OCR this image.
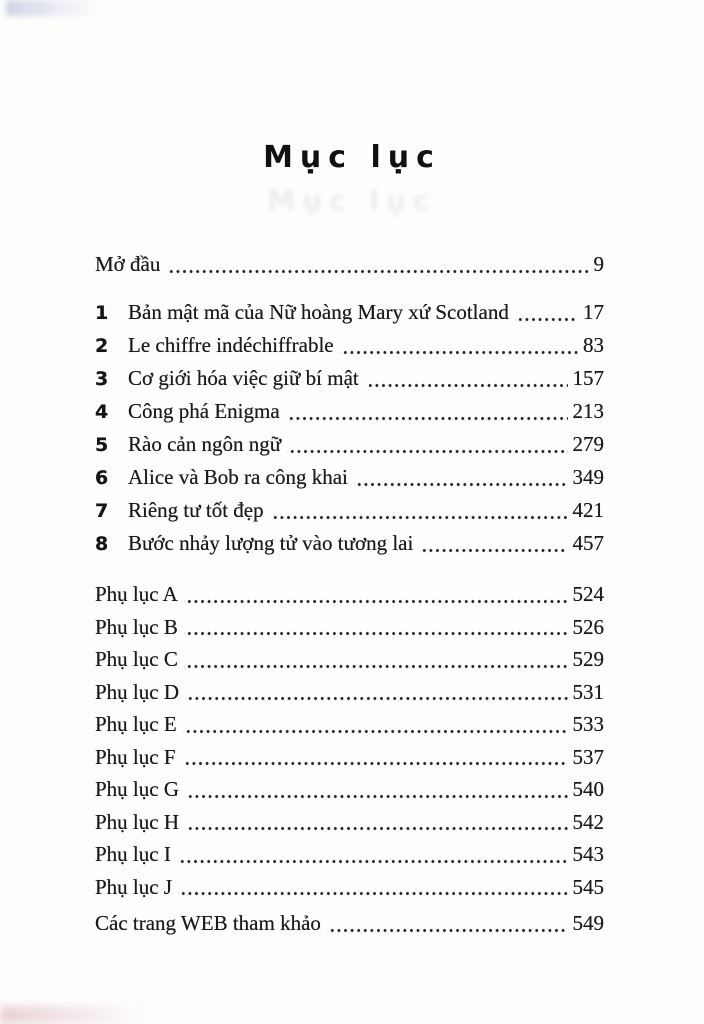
Mục lục
Mục lục
Mở đầu	9
1 Bản mật mã của Nữ hoàng Mary xứ Scotland	17
2 Le chiffre indéchiffrable	83
3 Cơ giới hóa việc giữ bí mật	157
4 Công phá Enigma	213
5 Rào cản ngôn ngữ	279
6 Alice và Bob ra công khai	349
7 Riêng tư tốt đẹp	421
8 Bước nhảy lượng tử vào tương lai	457
Phụ lục A	524
Phụ lục B	526
Phụ lục C	529
Phụ lục D	531
Phụ lục E	533
Phụ lục F	537
Phụ lục G	540
Phụ lục H	542
Phụ lục I	543
Phụ lục J	545
Các trang WEB tham khảo	549
